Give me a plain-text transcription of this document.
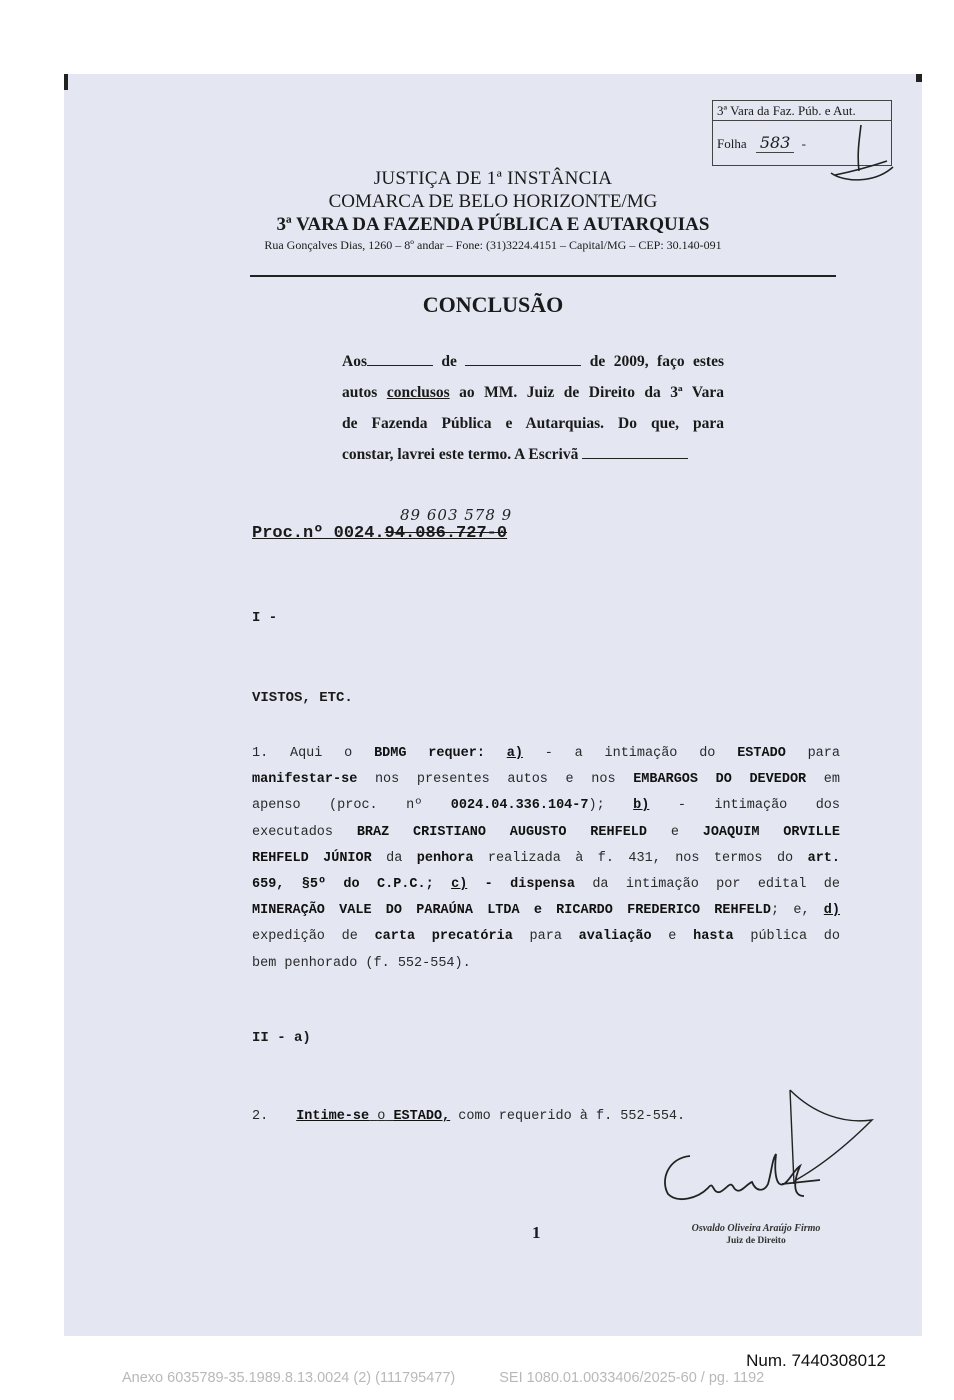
3ª Vara da Faz. Púb. e Aut.
Folha 583 -
JUSTIÇA DE 1ª INSTÂNCIA
COMARCA DE BELO HORIZONTE/MG
3ª VARA DA FAZENDA PÚBLICA E AUTARQUIAS
Rua Gonçalves Dias, 1260 – 8º andar – Fone: (31)3224.4151 – Capital/MG – CEP: 30.140-091
CONCLUSÃO

Aos	de	de 2009, faço estes

autos conclusos ao MM. Juiz de Direito da 3ª Vara

de Fazenda Pública e Autarquias. Do que, para

constar, lavrei este termo. A Escrivã

89 603 578 9
Proc.nº 0024.94.086.727-0
I -
VISTOS, ETC.

1. Aqui o BDMG requer: a) - a intimação do ESTADO para

manifestar-se nos presentes autos e nos EMBARGOS DO DEVEDOR em

apenso (proc. nº 0024.04.336.104-7); b) - intimação dos

executados BRAZ CRISTIANO AUGUSTO REHFELD e JOAQUIM ORVILLE

REHFELD JÚNIOR da penhora realizada à f. 431, nos termos do art.

659, §5º do C.P.C.; c) - dispensa da intimação por edital de

MINERAÇÃO VALE DO PARAÚNA LTDA e RICARDO FREDERICO REHFELD; e, d)

expedição de carta precatória para avaliação e hasta pública do

bem penhorado (f. 552-554).

II - a)
2. Intime-se o ESTADO, como requerido à f. 552-554.
Osvaldo Oliveira Araújo Firmo
Juiz de Direito
1
Num. 7440308012
Anexo 6035789-35.1989.8.13.0024 (2) (111795477)	SEI 1080.01.0033406/2025-60 / pg. 1192
